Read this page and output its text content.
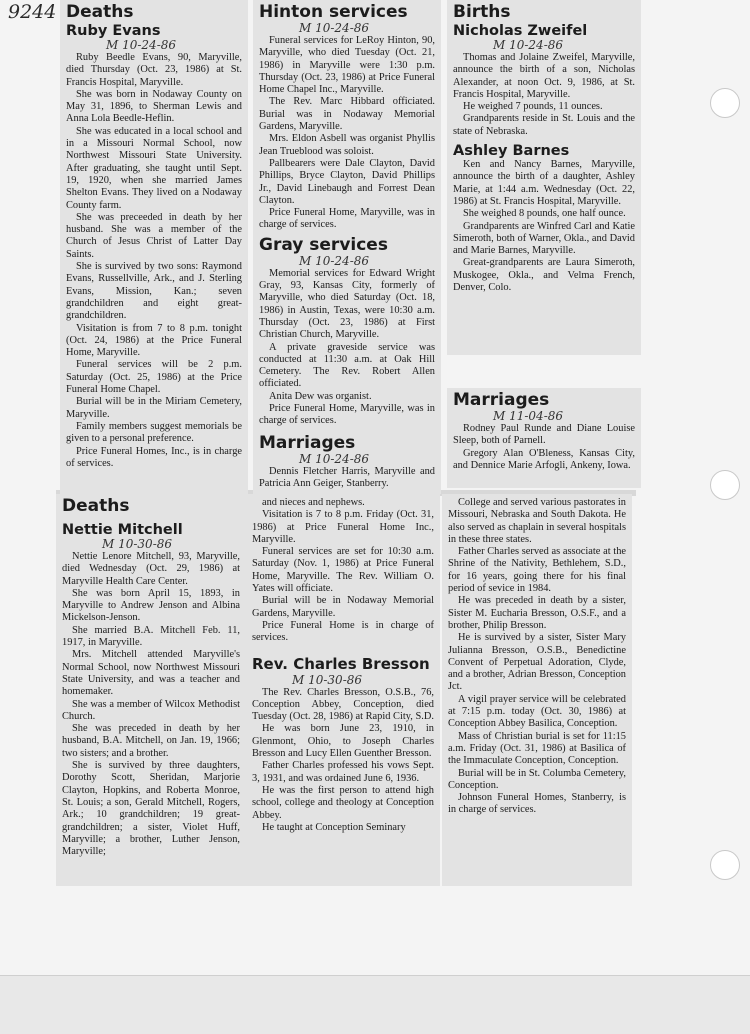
9244 Deaths
Ruby Evans
M 10-24-86

Ruby Beedle Evans, 90, Maryville, died Thursday (Oct. 23, 1986) at St. Francis Hospital, Maryville.

She was born in Nodaway County on May 31, 1896, to Sherman Lewis and Anna Lola Beedle-Heflin.

She was educated in a local school and in a Missouri Normal School, now Northwest Missouri State University. After graduating, she taught until Sept. 19, 1920, when she married James Shelton Evans. They lived on a Nodaway County farm.

She was preceeded in death by her husband. She was a member of the Church of Jesus Christ of Latter Day Saints.

She is survived by two sons: Raymond Evans, Russellville, Ark., and J. Sterling Evans, Mission, Kan.; seven grandchildren and eight great-grandchildren.

Visitation is from 7 to 8 p.m. tonight (Oct. 24, 1986) at the Price Funeral Home, Maryville.

Funeral services will be 2 p.m. Saturday (Oct. 25, 1986) at the Price Funeral Home Chapel.

Burial will be in the Miriam Cemetery, Maryville.

Family members suggest memorials be given to a personal preference.

Price Funeral Homes, Inc., is in charge of services.

Hinton services
M 10-24-86

Funeral services for LeRoy Hinton, 90, Maryville, who died Tuesday (Oct. 21, 1986) in Maryville were 1:30 p.m. Thursday (Oct. 23, 1986) at Price Funeral Home Chapel Inc., Maryville.

The Rev. Marc Hibbard officiated. Burial was in Nodaway Memorial Gardens, Maryville.

Mrs. Eldon Asbell was organist Phyllis Jean Trueblood was soloist.

Pallbearers were Dale Clayton, David Phillips, Bryce Clayton, David Phillips Jr., David Linebaugh and Forrest Dean Clayton.

Price Funeral Home, Maryville, was in charge of services.

Gray services
M 10-24-86

Memorial services for Edward Wright Gray, 93, Kansas City, formerly of Maryville, who died Saturday (Oct. 18, 1986) in Austin, Texas, were 10:30 a.m. Thursday (Oct. 23, 1986) at First Christian Church, Maryville.

A private graveside service was conducted at 11:30 a.m. at Oak Hill Cemetery. The Rev. Robert Allen officiated.

Anita Dew was organist.

Price Funeral Home, Maryville, was in charge of services.

Marriages
M 10-24-86

Dennis Fletcher Harris, Maryville and Patricia Ann Geiger, Stanberry.

Births
Nicholas Zweifel
M 10-24-86

Thomas and Jolaine Zweifel, Maryville, announce the birth of a son, Nicholas Alexander, at noon Oct. 9, 1986, at St. Francis Hospital, Maryville.

He weighed 7 pounds, 11 ounces.

Grandparents reside in St. Louis and the state of Nebraska.

Ashley Barnes

Ken and Nancy Barnes, Maryville, announce the birth of a daughter, Ashley Marie, at 1:44 a.m. Wednesday (Oct. 22, 1986) at St. Francis Hospital, Maryville.

She weighed 8 pounds, one half ounce.

Grandparents are Winfred Carl and Katie Simeroth, both of Warner, Okla., and David and Marie Barnes, Maryville.

Great-grandparents are Laura Simeroth, Muskogee, Okla., and Velma French, Denver, Colo.

Marriages
M 11-04-86

Rodney Paul Runde and Diane Louise Sleep, both of Parnell.

Gregory Alan O'Bleness, Kansas City, and Dennice Marie Arfogli, Ankeny, Iowa.

Deaths
Nettie Mitchell
M 10-30-86

Nettie Lenore Mitchell, 93, Maryville, died Wednesday (Oct. 29, 1986) at Maryville Health Care Center.

She was born April 15, 1893, in Maryville to Andrew Jenson and Albina Mickelson-Jenson.

She married B.A. Mitchell Feb. 11, 1917, in Maryville.

Mrs. Mitchell attended Maryville's Normal School, now Northwest Missouri State University, and was a teacher and homemaker.

She was a member of Wilcox Methodist Church.

She was preceded in death by her husband, B.A. Mitchell, on Jan. 19, 1966; two sisters; and a brother.

She is survived by three daughters, Dorothy Scott, Sheridan, Marjorie Clayton, Hopkins, and Roberta Monroe, St. Louis; a son, Gerald Mitchell, Rogers, Ark.; 10 grandchildren; 19 great-grandchildren; a sister, Violet Huff, Maryville; a brother, Luther Jenson, Maryville;

and nieces and nephews.

Visitation is 7 to 8 p.m. Friday (Oct. 31, 1986) at Price Funeral Home Inc., Maryville.

Funeral services are set for 10:30 a.m. Saturday (Nov. 1, 1986) at Price Funeral Home, Maryville. The Rev. William O. Yates will officiate.

Burial will be in Nodaway Memorial Gardens, Maryville.

Price Funeral Home is in charge of services.

Rev. Charles Bresson
M 10-30-86

The Rev. Charles Bresson, O.S.B., 76, Conception Abbey, Conception, died Tuesday (Oct. 28, 1986) at Rapid City, S.D.

He was born June 23, 1910, in Glenmont, Ohio, to Joseph Charles Bresson and Lucy Ellen Guenther Bresson.

Father Charles professed his vows Sept. 3, 1931, and was ordained June 6, 1936.

He was the first person to attend high school, college and theology at Conception Abbey.

He taught at Conception Seminary

College and served various pastorates in Missouri, Nebraska and South Dakota. He also served as chaplain in several hospitals in these three states.

Father Charles served as associate at the Shrine of the Nativity, Bethlehem, S.D., for 16 years, going there for his final period of sevice in 1984.

He was preceded in death by a sister, Sister M. Eucharia Bresson, O.S.F., and a brother, Philip Bresson.

He is survived by a sister, Sister Mary Julianna Bresson, O.S.B., Benedictine Convent of Perpetual Adoration, Clyde, and a brother, Adrian Bresson, Conception Jct.

A vigil prayer service will be celebrated at 7:15 p.m. today (Oct. 30, 1986) at Conception Abbey Basilica, Conception.

Mass of Christian burial is set for 11:15 a.m. Friday (Oct. 31, 1986) at Basilica of the Immaculate Conception, Conception.

Burial will be in St. Columba Cemetery, Conception.

Johnson Funeral Homes, Stanberry, is in charge of services.
